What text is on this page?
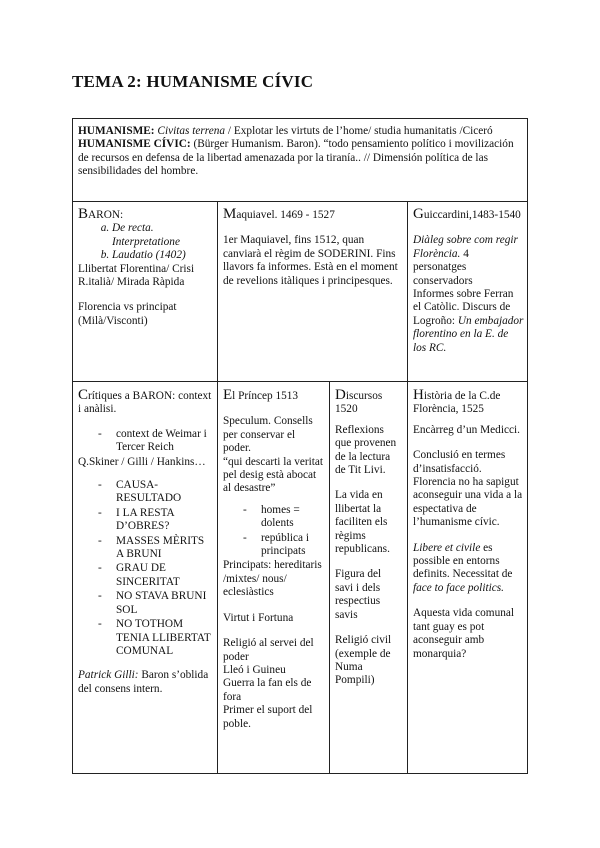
TEMA 2: HUMANISME CÍVIC

HUMANISME: Civitas terrena / Explotar les virtuts de l’home/ studia humanitatis /Ciceró

HUMANISME CÍVIC: (Bürger Humanism. Baron). “todo pensamiento político i movilización de recursos en defensa de la libertad amenazada por la tiranía.. // Dimensión política de las sensibilidades del hombre.

BARON:

a. De recta. Interpretatione
b. Laudatio (1402)

Llibertat Florentina/ Crisi R.italià/ Mirada Ràpida

Florencia vs principat (Milà/Visconti)

Maquiavel. 1469 - 1527

1er Maquiavel, fins 1512, quan canviarà el règim de SODERINI. Fins llavors fa informes. Està en el moment de revelions itàliques i principesques.

Guiccardini,1483-1540

Diàleg sobre com regir Florència. 4 personatges conservadors

Informes sobre Ferran el Catòlic. Discurs de Logroño: Un embajador florentino en la E. de los RC.

Crítiques a BARON: context i anàlisi.

- context de Weimar i Tercer Reich

Q.Skiner / Gilli / Hankins…

- CAUSA-RESULTADO
- I LA RESTA D’OBRES?
- MASSES MÈRITS A BRUNI
- GRAU DE SINCERITAT
- NO STAVA BRUNI SOL
- NO TOTHOM TENIA LLIBERTAT COMUNAL

Patrick Gilli: Baron s’oblida del consens intern.

El Príncep 1513

Speculum. Consells per conservar el poder.

“qui descarti la veritat pel desig està abocat al desastre”

- homes = dolents
- república i principats

Principats: hereditaris /mixtes/ nous/ eclesiàstics

Virtut i Fortuna

Religió al servei del poder

Lleó i Guineu

Guerra la fan els de fora

Primer el suport del poble.

Discursos 1520

Reflexions que provenen de la lectura de Tit Livi.

La vida en llibertat la faciliten els règims republicans.

Figura del savi i dels respectius savis

Religió civil (exemple de Numa Pompili)

Història de la C.de Florència, 1525

Encàrreg d’un Medicci.

Conclusió en termes d’insatisfacció. Florencia no ha sapigut aconseguir una vida a la espectativa de l’humanisme cívic.

Libere et civile es possible en entorns definits. Necessitat de face to face politics.

Aquesta vida comunal tant guay es pot aconseguir amb monarquia?
